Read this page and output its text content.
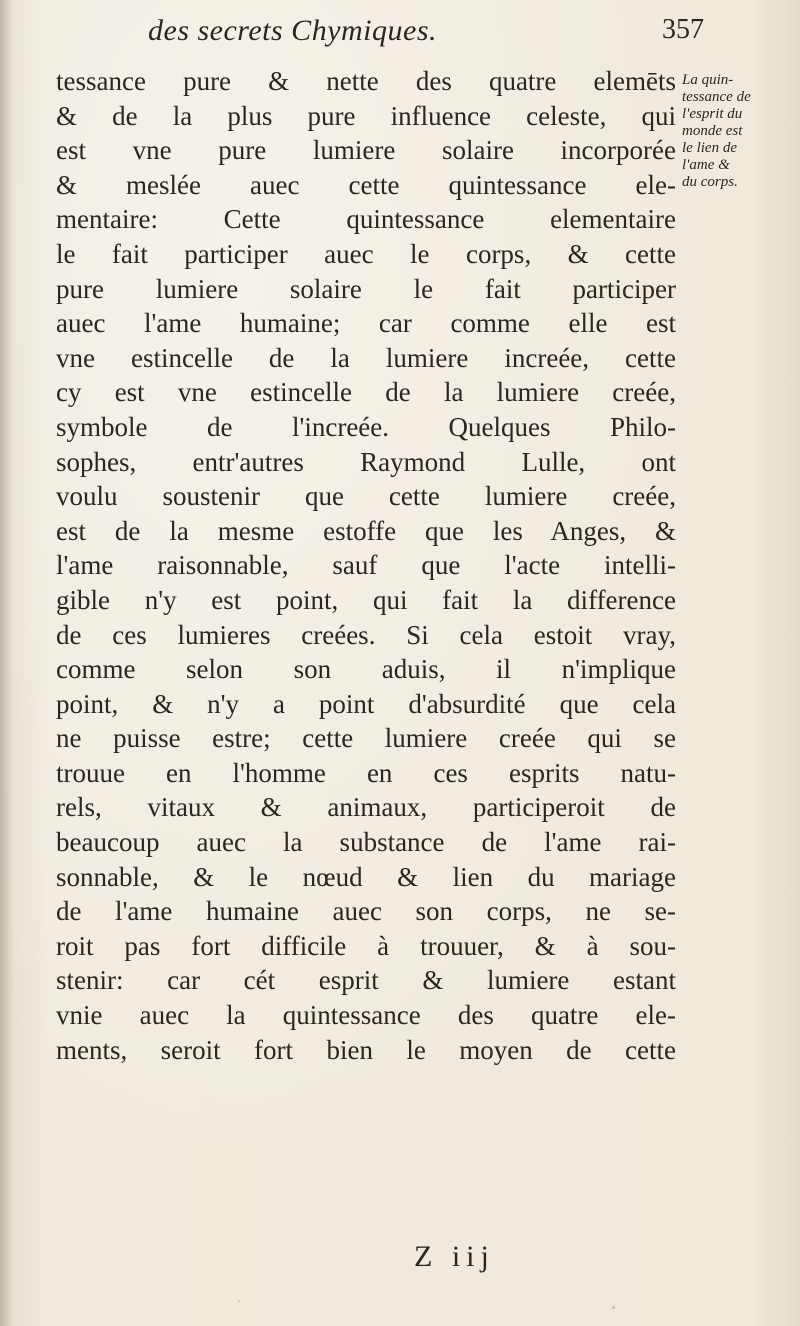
des secrets Chymiques.	357
tessance pure & nette des quatre elemēts
& de la plus pure influence celeste, qui
est vne pure lumiere solaire incorporée
& meslée auec cette quintessance ele-
mentaire: Cette quintessance elementaire
le fait participer auec le corps, & cette
pure lumiere solaire le fait participer
auec l'ame humaine; car comme elle est
vne estincelle de la lumiere increée, cette
cy est vne estincelle de la lumiere creée,
symbole de l'increée. Quelques Philo-
sophes, entr'autres Raymond Lulle, ont
voulu soustenir que cette lumiere creée,
est de la mesme estoffe que les Anges, &
l'ame raisonnable, sauf que l'acte intelli-
gible n'y est point, qui fait la difference
de ces lumieres creées. Si cela estoit vray,
comme selon son aduis, il n'implique
point, & n'y a point d'absurdité que cela
ne puisse estre; cette lumiere creée qui se
trouue en l'homme en ces esprits natu-
rels, vitaux & animaux, participeroit de
beaucoup auec la substance de l'ame rai-
sonnable, & le nœud & lien du mariage
de l'ame humaine auec son corps, ne se-
roit pas fort difficile à trouuer, & à sou-
stenir: car cét esprit & lumiere estant
vnie auec la quintessance des quatre ele-
ments, seroit fort bien le moyen de cette
La quin-
tessance de
l'esprit du
monde est
le lien de
l'ame &
du corps.
Z iij
